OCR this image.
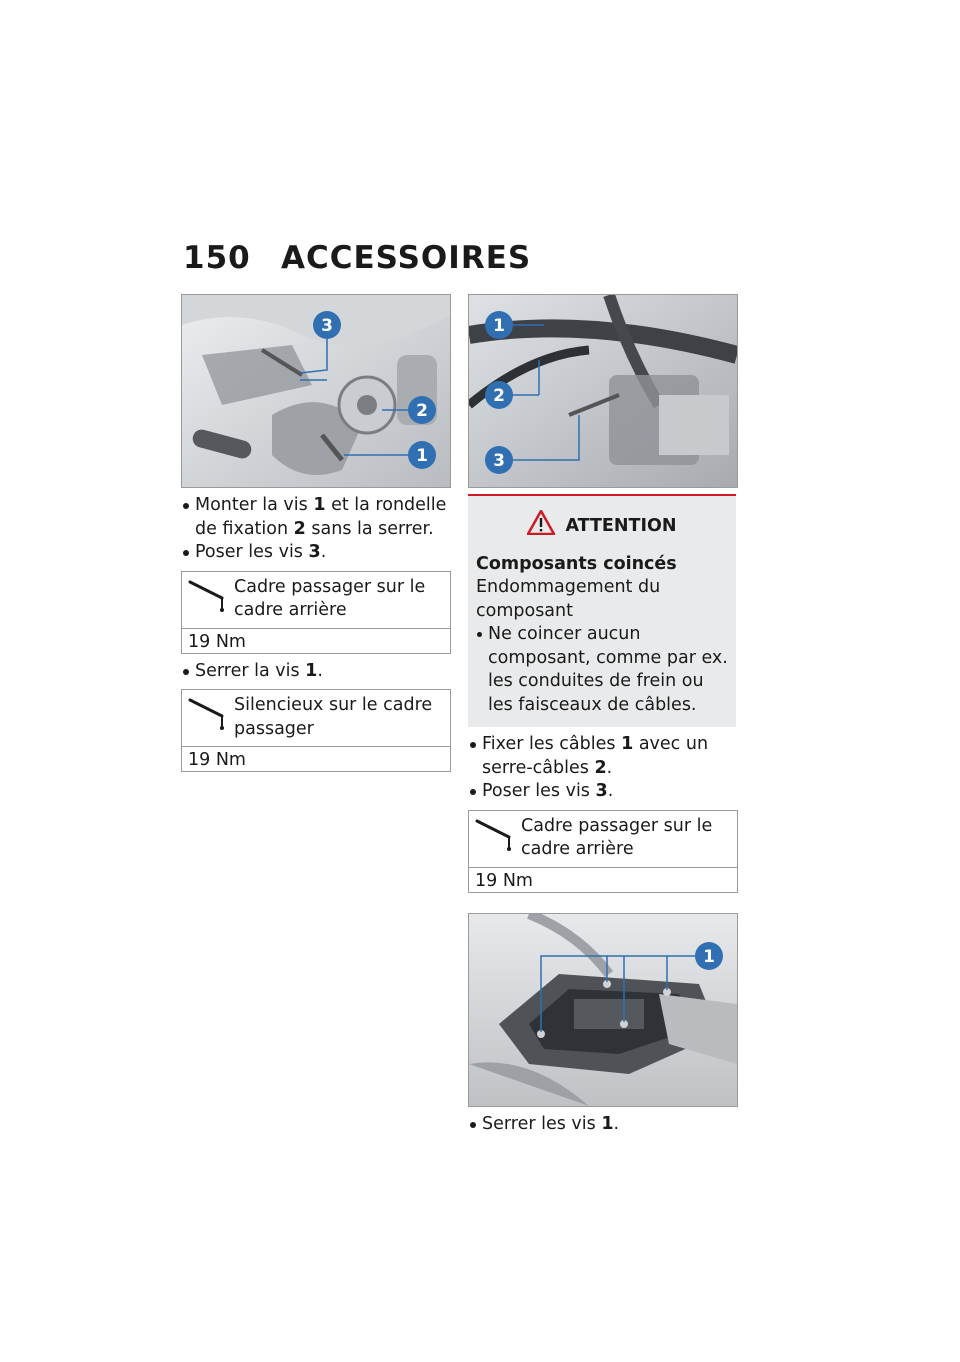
150 ACCESSOIRES
3
2
1
Monter la vis 1 et la rondelle de fixation 2 sans la serrer.
Poser les vis 3.
Cadre passager sur le cadre arrière
19 Nm
Serrer la vis 1.
Silencieux sur le cadre passager
19 Nm
1
2
3
ATTENTION
Composants coincés
Endommagement du composant
Ne coincer aucun composant, comme par ex. les conduites de frein ou les faisceaux de câbles.
Fixer les câbles 1 avec un serre-câbles 2.
Poser les vis 3.
Cadre passager sur le cadre arrière
19 Nm
1
Serrer les vis 1.
